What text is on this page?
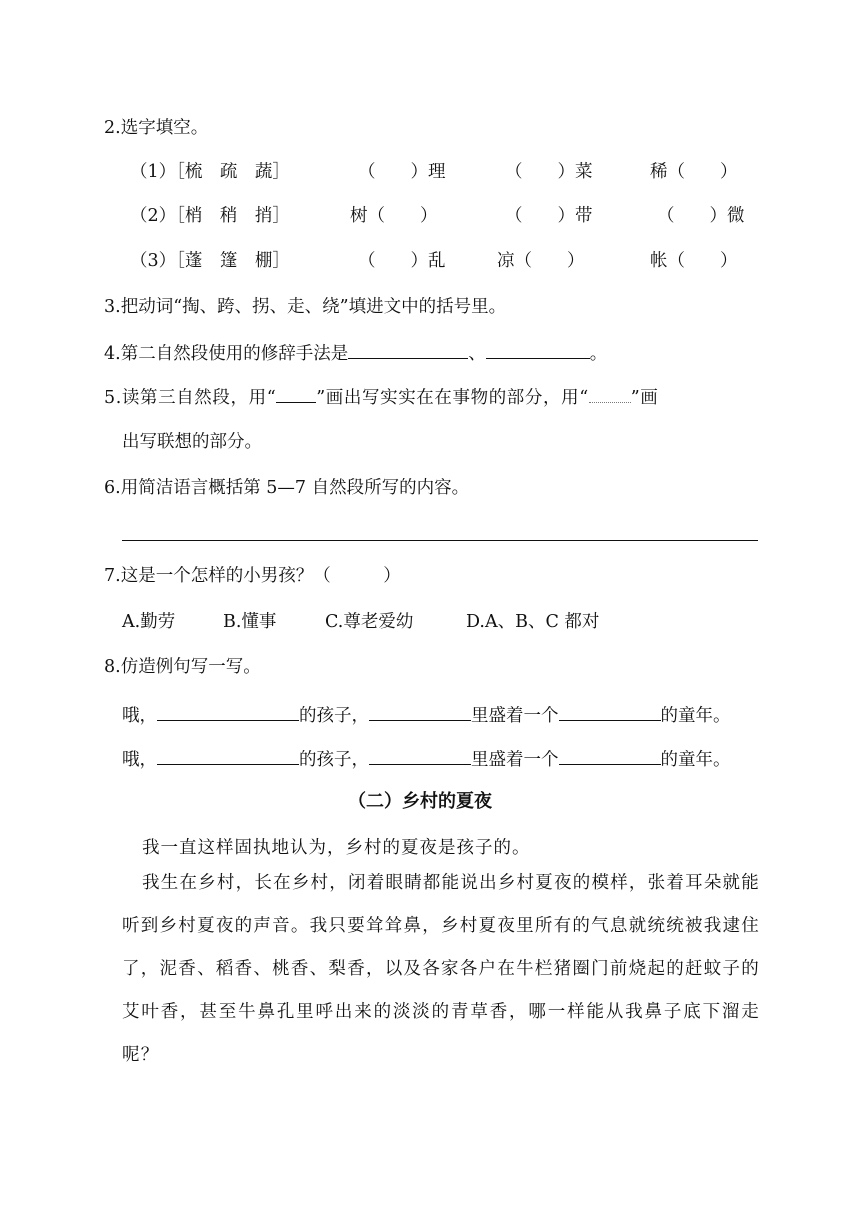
2.选字填空。
（1）［梳　疏　蔬］	（　　）理	（　　）菜	稀（　　）
（2）［梢　稍　捎］	树（　　）	（　　）带	（　　）微
（3）［蓬　篷　棚］	（　　）乱	凉（　　）	帐（　　）
3.把动词“掏、跨、拐、走、绕”填进文中的括号里。
4.第二自然段使用的修辞手法是	、	。
5.读第三自然段，用“ ”画出写实实在在事物的部分，用“ ”画
出写联想的部分。
6.用简洁语言概括第 5—7 自然段所写的内容。
7.这是一个怎样的小男孩？（　　　）
A.勤劳	B.懂事	C.尊老爱幼	D.A、B、C 都对
8.仿造例句写一写。
哦，	的孩子，	里盛着一个	的童年。
哦，	的孩子，	里盛着一个	的童年。
（二）乡村的夏夜
我一直这样固执地认为，乡村的夏夜是孩子的。
我生在乡村，长在乡村，闭着眼睛都能说出乡村夏夜的模样，张着耳朵就能听到乡村夏夜的声音。我只要耸耸鼻，乡村夏夜里所有的气息就统统被我逮住了，泥香、稻香、桃香、梨香，以及各家各户在牛栏猪圈门前烧起的赶蚊子的艾叶香，甚至牛鼻孔里呼出来的淡淡的青草香，哪一样能从我鼻子底下溜走呢？
